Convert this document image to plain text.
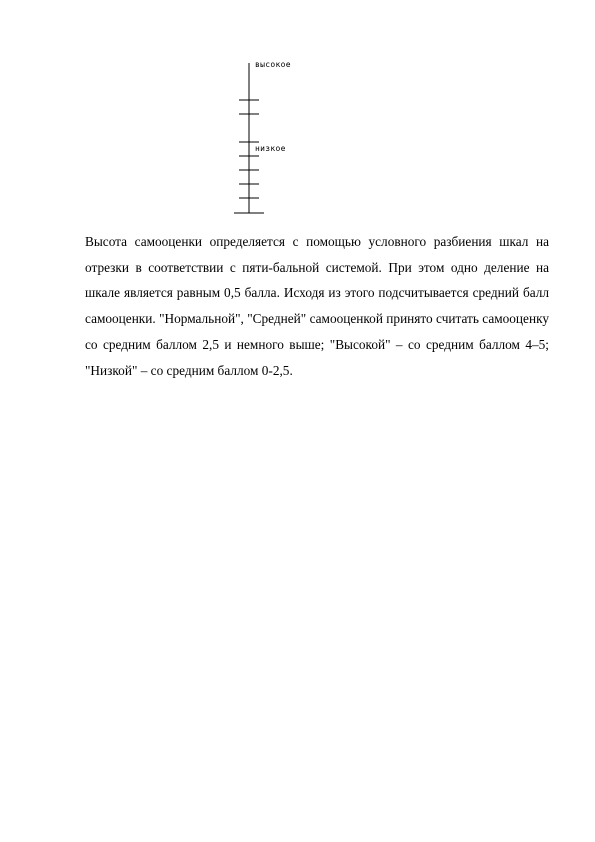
высокое
низкое

Высота самооценки определяется с помощью условного разбиения шкал на отрезки в соответствии с пяти-бальной системой. При этом одно деление на шкале является равным 0,5 балла. Исходя из этого подсчитывается средний балл самооценки. "Нормальной", "Средней" самооценкой принято считать самооценку со средним баллом 2,5 и немного выше; "Высокой" – со средним баллом 4–5; "Низкой" – со средним баллом 0-2,5.
